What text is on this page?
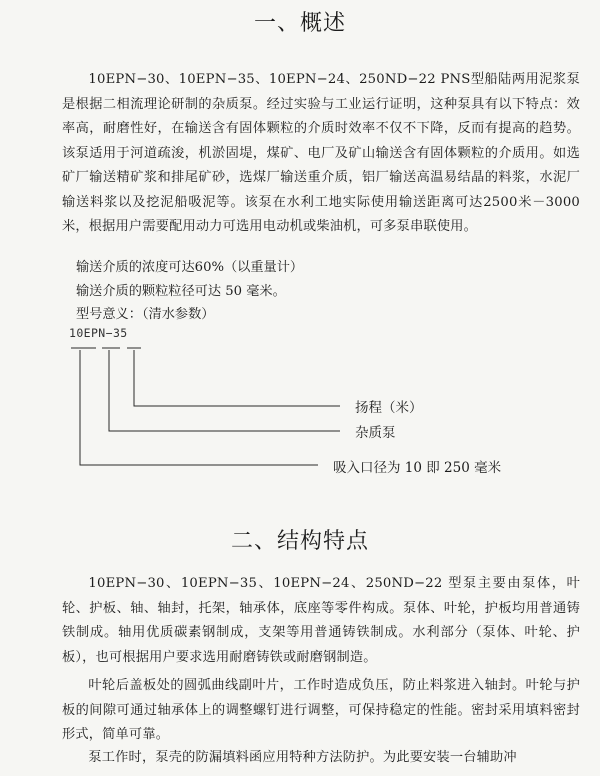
一、概述

10EPN−30、10EPN−35、10EPN−24、250ND−22 PNS型船陆两用泥浆泵是根据二相流理论研制的杂质泵。经过实验与工业运行证明，这种泵具有以下特点：效率高，耐磨性好，在输送含有固体颗粒的介质时效率不仅不下降，反而有提高的趋势。该泵适用于河道疏浚，机淤固堤，煤矿、电厂及矿山输送含有固体颗粒的介质用。如选矿厂输送精矿浆和排尾矿砂，选煤厂输送重介质，铝厂输送高温易结晶的料浆，水泥厂输送料浆以及挖泥船吸泥等。该泵在水利工地实际使用输送距离可达2500米－3000米，根据用户需要配用动力可选用电动机或柴油机，可多泵串联使用。

输送介质的浓度可达60%（以重量计）
输送介质的颗粒粒径可达 50 毫米。
型号意义：（清水参数）
10EPN−35
扬程（米）
杂质泵
吸入口径为 10 即 250 毫米
二、结构特点

10EPN−30、10EPN−35、10EPN−24、250ND−22 型泵主要由泵体，叶轮、护板、轴、轴封，托架，轴承体，底座等零件构成。泵体、叶轮，护板均用普通铸铁制成。轴用优质碳素钢制成，支架等用普通铸铁制成。水利部分（泵体、叶轮、护板），也可根据用户要求选用耐磨铸铁或耐磨钢制造。

叶轮后盖板处的圆弧曲线副叶片，工作时造成负压，防止料浆进入轴封。叶轮与护板的间隙可通过轴承体上的调整螺钉进行调整，可保持稳定的性能。密封采用填料密封形式，简单可靠。

泵工作时，泵壳的防漏填料函应用特种方法防护。为此要安装一台辅助冲
